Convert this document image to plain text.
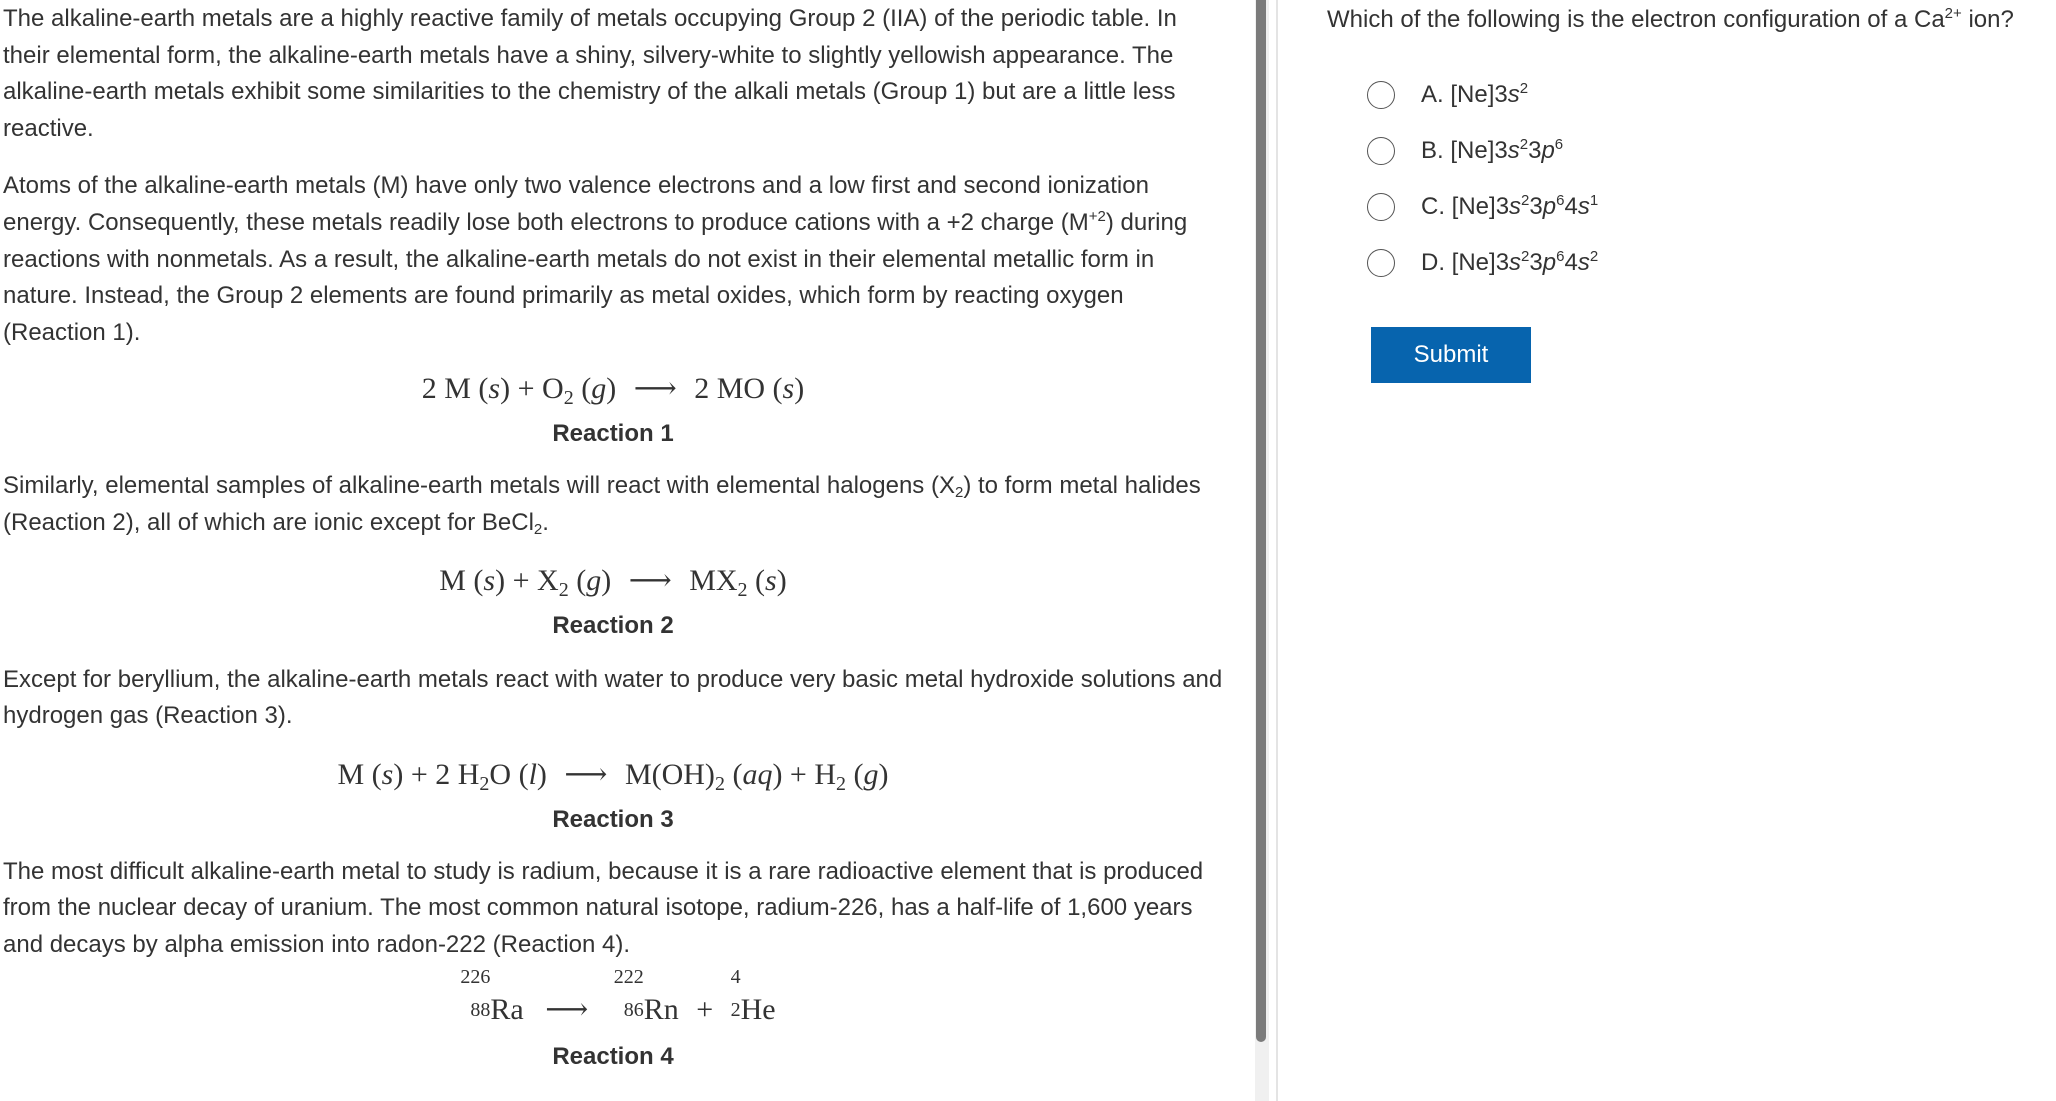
The alkaline-earth metals are a highly reactive family of metals occupying Group 2 (IIA) of the periodic table. In their elemental form, the alkaline-earth metals have a shiny, silvery-white to slightly yellowish appearance. The alkaline-earth metals exhibit some similarities to the chemistry of the alkali metals (Group 1) but are a little less reactive.

Atoms of the alkaline-earth metals (M) have only two valence electrons and a low first and second ionization energy. Consequently, these metals readily lose both electrons to produce cations with a +2 charge $(M^{+2})$ during reactions with nonmetals. As a result, the alkaline-earth metals do not exist in their elemental metallic form in nature. Instead, the Group 2 elements are found primarily as metal oxides, which form by reacting oxygen (Reaction 1).

2 M $(s) + O_2$ (g) ⟶ 2 MO (s)
Reaction 1

Similarly, elemental samples of alkaline-earth metals will react with elemental halogens $(X_2)$ to form metal halides (Reaction 2), all of which are ionic except for BeCl$_2$.

M $(s) + X_2$ (g) ⟶ $MX_2$ (s)
Reaction 2

Except for beryllium, the alkaline-earth metals react with water to produce very basic metal hydroxide solutions and hydrogen gas (Reaction 3).

M (s) + 2 $H_2O$ (l) ⟶ $M(OH)_2$ $(aq) + H_2$ (g)
Reaction 3

The most difficult alkaline-earth metal to study is radium, because it is a rare radioactive element that is produced from the nuclear decay of uranium. The most common natural isotope, radium-226, has a half-life of 1,600 years and decays by alpha emission into radon-222 (Reaction 4).

226
88 Ra ⟶
222
86 Rn +
4
2 He
Reaction 4
Which of the following is the electron configuration of a $Ca^{2+}$ ion?
A.
$[Ne]3s^2$
B.
$[Ne]3s^23p^6$
C.
$[Ne]3s^23p^64s^1$
D.
$[Ne]3s^23p^64s^2$
Submit
